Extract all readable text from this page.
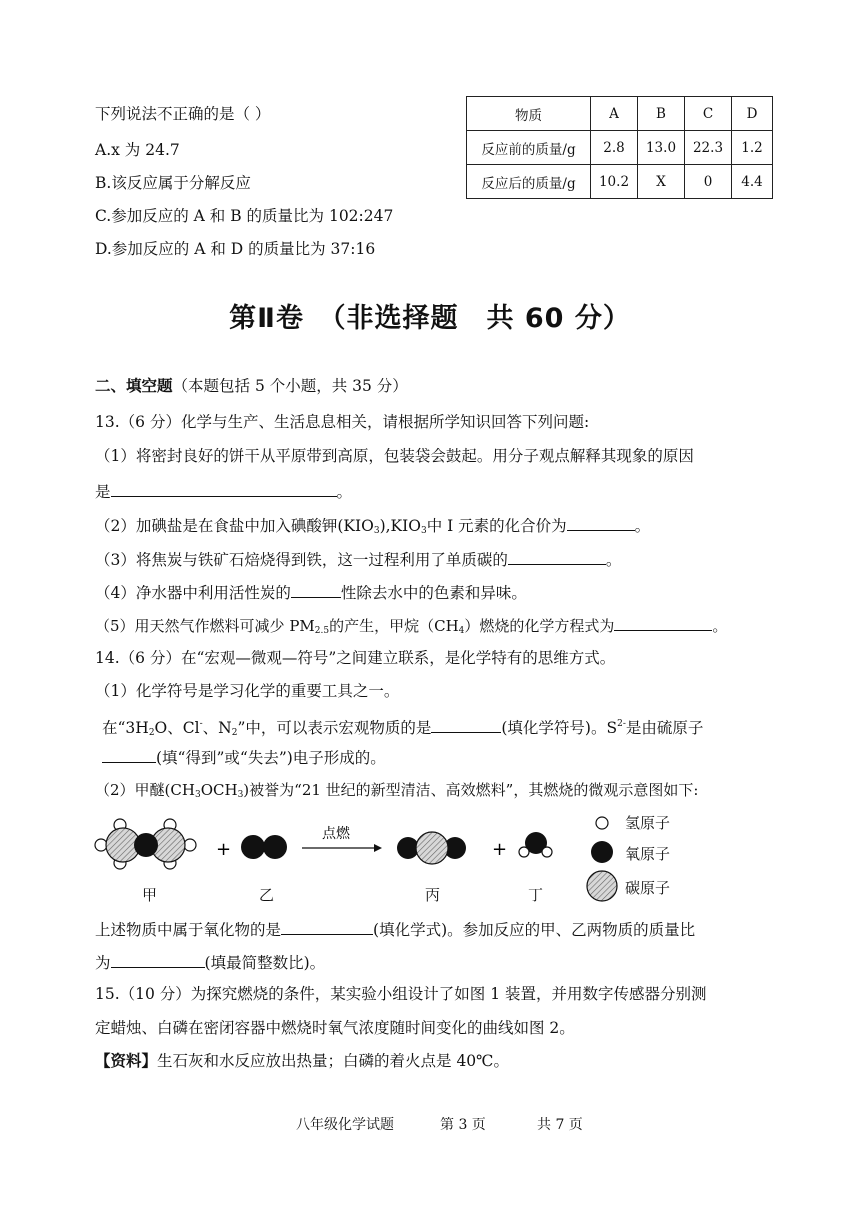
下列说法不正确的是（ ）
A.x 为 24.7
B.该反应属于分解反应
C.参加反应的 A 和 B 的质量比为 102:247
D.参加反应的 A 和 D 的质量比为 37:16
物质	A	B	C	D
反应前的质量/g	2.8	13.0	22.3	1.2
反应后的质量/g	10.2	X	0	4.4
第Ⅱ卷　（非选择题　共 60 分）
二、填空题（本题包括 5 个小题，共 35 分）
13.（6 分）化学与生产、生活息息相关，请根据所学知识回答下列问题:
（1）将密封良好的饼干从平原带到高原，包装袋会鼓起。用分子观点解释其现象的原因
是	。
（2）加碘盐是在食盐中加入碘酸钾$(KIO_3),KIO_3$中 I 元素的化合价为	。
（3）将焦炭与铁矿石焙烧得到铁，这一过程利用了单质碳的	。
（4）净水器中利用活性炭的	性除去水中的色素和异味。
（5）用天然气作燃料可减少 $PM_{2.5}$的产生，甲烷$(CH_4)$燃烧的化学方程式为	。
14.（6 分）在“宏观—微观—符号”之间建立联系，是化学特有的思维方式。
（1）化学符号是学习化学的重要工具之一。
在“$3H_2O$、Cl-、$N_2$”中，可以表示宏观物质的是	(填化学符号)。$S^{2-}$是由硫原子
(填“得到”或“失去”)电子形成的。
（2）甲醚$(CH_3OCH_3)$被誉为“21 世纪的新型清洁、高效燃料”，其燃烧的微观示意图如下:
+
点燃
+
氢原子
氧原子
碳原子
甲	乙	丙	丁
上述物质中属于氧化物的是	(填化学式)。参加反应的甲、乙两物质的质量比
为	(填最简整数比)。
15.（10 分）为探究燃烧的条件，某实验小组设计了如图 1 装置，并用数字传感器分别测
定蜡烛、白磷在密闭容器中燃烧时氧气浓度随时间变化的曲线如图 2。
【资料】生石灰和水反应放出热量；白磷的着火点是 40℃。
八年级化学试题	第 3 页	共 7 页
